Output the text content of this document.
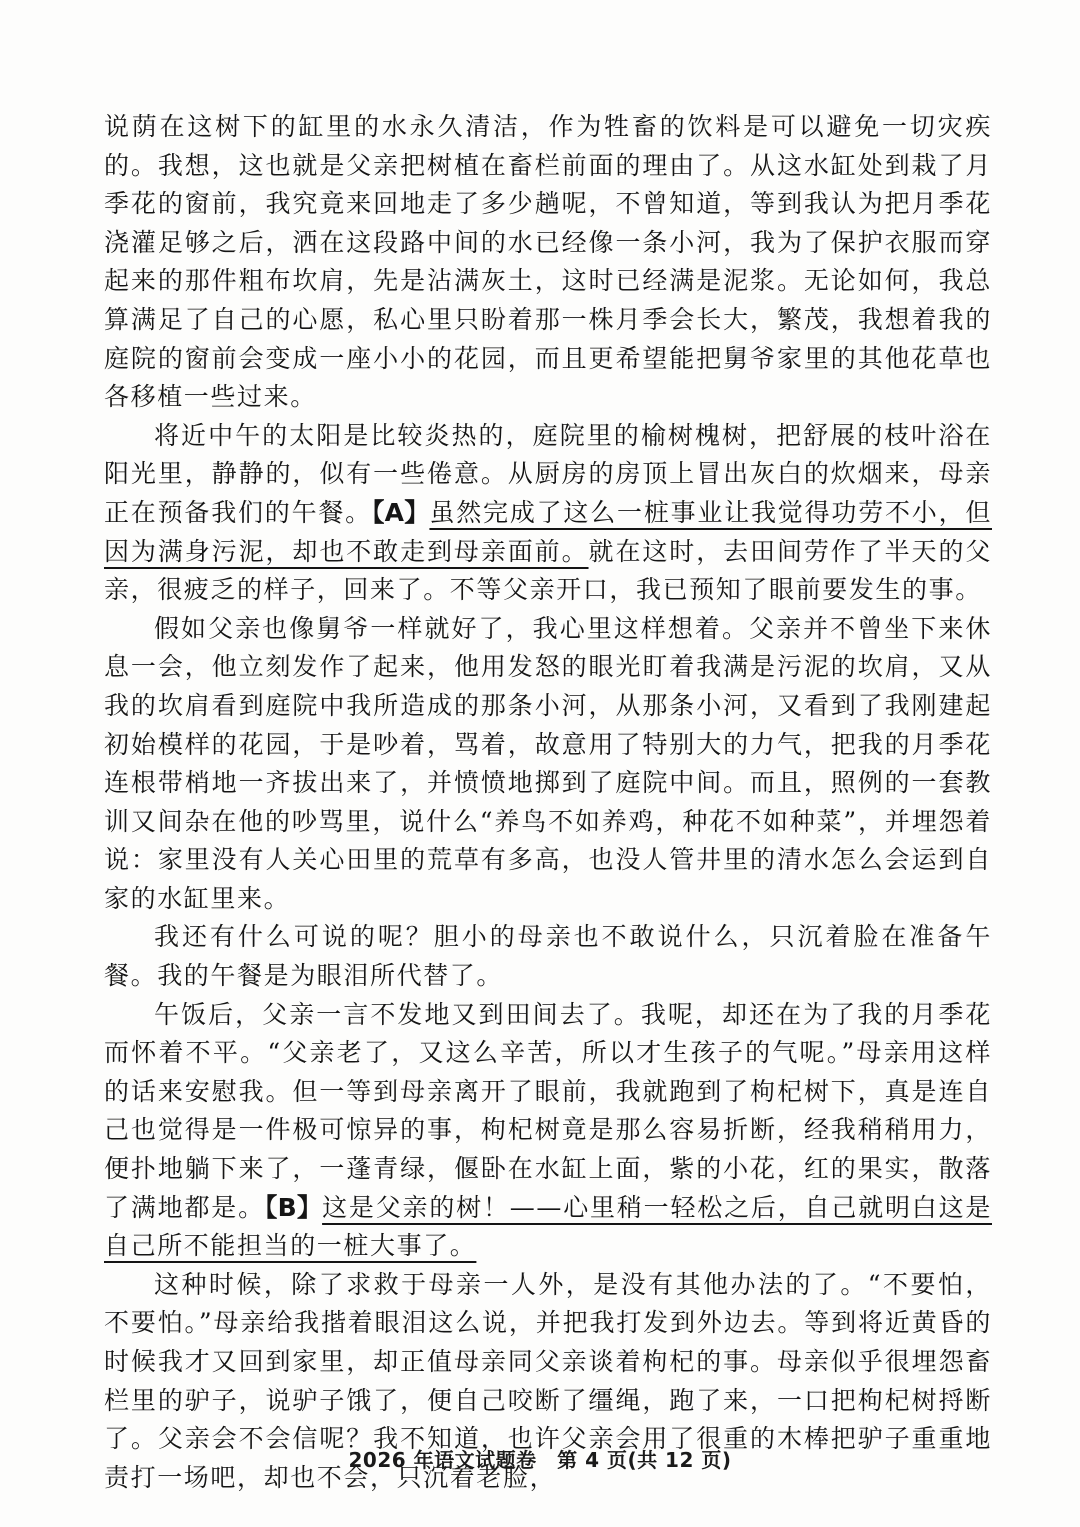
说荫在这树下的缸里的水永久清洁，作为牲畜的饮料是可以避免一切灾疾的。我想，这也就是父亲把树植在畜栏前面的理由了。从这水缸处到栽了月季花的窗前，我究竟来回地走了多少趟呢，不曾知道，等到我认为把月季花浇灌足够之后，洒在这段路中间的水已经像一条小河，我为了保护衣服而穿起来的那件粗布坎肩，先是沾满灰土，这时已经满是泥浆。无论如何，我总算满足了自己的心愿，私心里只盼着那一株月季会长大，繁茂，我想着我的庭院的窗前会变成一座小小的花园，而且更希望能把舅爷家里的其他花草也各移植一些过来。

将近中午的太阳是比较炎热的，庭院里的榆树槐树，把舒展的枝叶浴在阳光里，静静的，似有一些倦意。从厨房的房顶上冒出灰白的炊烟来，母亲正在预备我们的午餐。【A】虽然完成了这么一桩事业让我觉得功劳不小，但因为满身污泥，却也不敢走到母亲面前。就在这时，去田间劳作了半天的父亲，很疲乏的样子，回来了。不等父亲开口，我已预知了眼前要发生的事。

假如父亲也像舅爷一样就好了，我心里这样想着。父亲并不曾坐下来休息一会，他立刻发作了起来，他用发怒的眼光盯着我满是污泥的坎肩，又从我的坎肩看到庭院中我所造成的那条小河，从那条小河，又看到了我刚建起初始模样的花园，于是吵着，骂着，故意用了特别大的力气，把我的月季花连根带梢地一齐拔出来了，并愤愤地掷到了庭院中间。而且，照例的一套教训又间杂在他的吵骂里，说什么“养鸟不如养鸡，种花不如种菜”，并埋怨着说：家里没有人关心田里的荒草有多高，也没人管井里的清水怎么会运到自家的水缸里来。

我还有什么可说的呢？胆小的母亲也不敢说什么，只沉着脸在准备午餐。我的午餐是为眼泪所代替了。

午饭后，父亲一言不发地又到田间去了。我呢，却还在为了我的月季花而怀着不平。“父亲老了，又这么辛苦，所以才生孩子的气呢。”母亲用这样的话来安慰我。但一等到母亲离开了眼前，我就跑到了枸杞树下，真是连自己也觉得是一件极可惊异的事，枸杞树竟是那么容易折断，经我稍稍用力，便扑地躺下来了，一蓬青绿，偃卧在水缸上面，紫的小花，红的果实，散落了满地都是。【B】这是父亲的树！——心里稍一轻松之后，自己就明白这是自己所不能担当的一桩大事了。

这种时候，除了求救于母亲一人外，是没有其他办法的了。“不要怕，不要怕。”母亲给我揩着眼泪这么说，并把我打发到外边去。等到将近黄昏的时候我才又回到家里，却正值母亲同父亲谈着枸杞的事。母亲似乎很埋怨畜栏里的驴子，说驴子饿了，便自己咬断了缰绳，跑了来，一口把枸杞树捋断了。父亲会不会信呢？我不知道，也许父亲会用了很重的木棒把驴子重重地责打一场吧，却也不会，只沉着老脸，

2026 年语文试题卷　第 4 页(共 12 页)
